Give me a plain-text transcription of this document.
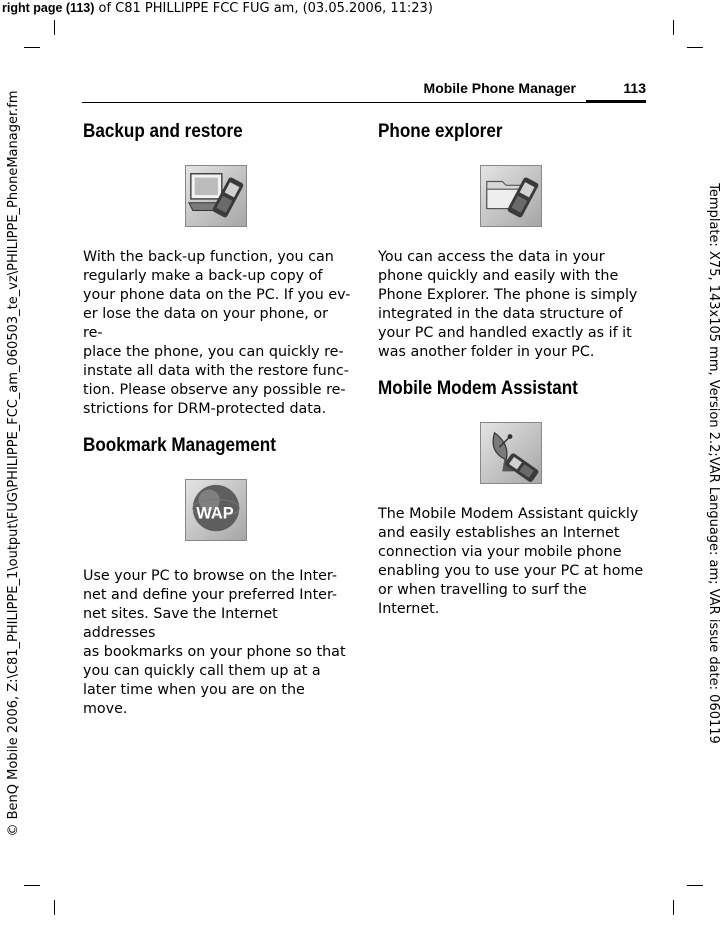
right page (113) of C81 PHILLIPPE FCC FUG am, (03.05.2006, 11:23)
© BenQ Mobile 2006, Z:\C81_PHILIPPE_1\output\FUG\PHILIPPE_FCC_am_060503_te_vz\PHILIPPE_PhoneManager.fm	Template: X75, 143x105 mm, Version 2.2;VAR Language: am; VAR issue date: 060119
Mobile Phone Manager	113
Backup and restore

With the back-up function, you can
regularly make a back-up copy of
your phone data on the PC. If you ev-
er lose the data on your phone, or re-
place the phone, you can quickly re-
instate all data with the restore func-
tion. Please observe any possible re-
strictions for DRM-protected data.

Bookmark Management
WAP

Use your PC to browse on the Inter-
net and define your preferred Inter-
net sites. Save the Internet addresses
as bookmarks on your phone so that
you can quickly call them up at a
later time when you are on the
move.

Phone explorer

You can access the data in your
phone quickly and easily with the
Phone Explorer. The phone is simply
integrated in the data structure of
your PC and handled exactly as if it
was another folder in your PC.

Mobile Modem Assistant

The Mobile Modem Assistant quickly
and easily establishes an Internet
connection via your mobile phone
enabling you to use your PC at home
or when travelling to surf the
Internet.
